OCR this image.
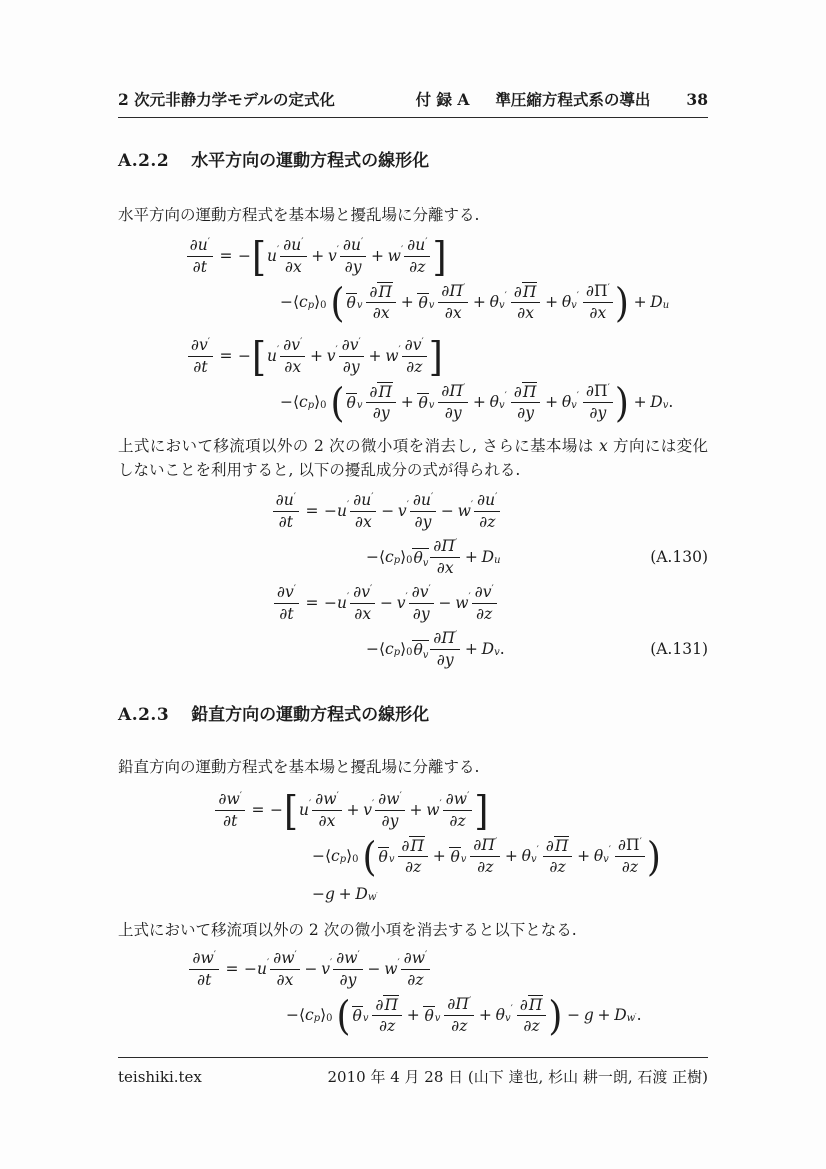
2 次元非静力学モデルの定式化	付 録 A 準圧縮方程式系の導出 38
A.2.2 水平方向の運動方程式の線形化

水平方向の運動方程式を基本場と擾乱場に分離する.

$\frac{\partial u'}{\partial t}$ = − [ u ′ $\frac{\partial u'}{\partial x} + v$ ′ $\frac{\partial u'}{\partial y} + w$ ′ $\frac{\partial u'}{\partial z}$ ]
−⟨ c p ⟩ 0 ( θ v $\frac{\partial\Pi}{\partial x} + \theta$ v $\frac{\partial\Pi'}{\partial x} + \theta$ v
′ $\frac{\partial\Pi}{\partial x} + \theta$ v
′ $\frac{\partial\Pi'}{\partial x}$ ) + D u
$\frac{\partial v'}{\partial t}$ = − [ u ′ $\frac{\partial v'}{\partial x} + v$ ′ $\frac{\partial v'}{\partial y} + w$ ′ $\frac{\partial v'}{\partial z}$ ]
−⟨ c p ⟩ 0 ( θ v $\frac{\partial\Pi}{\partial y} + \theta$ v $\frac{\partial\Pi'}{\partial y} + \theta$ v
′ $\frac{\partial\Pi}{\partial y} + \theta$ v
′ $\frac{\partial\Pi'}{\partial y}$ ) + D v .

上式において移流項以外の 2 次の微小項を消去し, さらに基本場は x 方向には変化しないことを利用すると, 以下の擾乱成分の式が得られる.

$\frac{\partial u'}{\partial t}$ = − u ′ $\frac{\partial u'}{\partial x} - v$ ′ $\frac{\partial u'}{\partial y} - w$ ′ $\frac{\partial u'}{\partial z}$
−⟨ c p ⟩ 0 $\theta_v \frac{\partial\Pi'}{\partial x} + D$ u	(A.130)
$\frac{\partial v'}{\partial t}$ = − u ′ $\frac{\partial v'}{\partial x} - v$ ′ $\frac{\partial v'}{\partial y} - w$ ′ $\frac{\partial v'}{\partial z}$
−⟨ c p ⟩ 0 $\theta_v \frac{\partial\Pi'}{\partial y} + D$ v .	(A.131)
A.2.3 鉛直方向の運動方程式の線形化

鉛直方向の運動方程式を基本場と擾乱場に分離する.

$\frac{\partial w'}{\partial t}$ = − [ u ′ $\frac{\partial w'}{\partial x} + v$ ′ $\frac{\partial w'}{\partial y} + w$ ′ $\frac{\partial w'}{\partial z}$ ]
−⟨ c p ⟩ 0 ( θ v $\frac{\partial\Pi}{\partial z} + \theta$ v $\frac{\partial\Pi'}{\partial z} + \theta$ v
′ $\frac{\partial\Pi}{\partial z} + \theta$ v
′ $\frac{\partial\Pi'}{\partial z}$ )
− g + D w′

上式において移流項以外の 2 次の微小項を消去すると以下となる.

$\frac{\partial w'}{\partial t}$ = − u ′ $\frac{\partial w'}{\partial x} - v$ ′ $\frac{\partial w'}{\partial y} - w$ ′ $\frac{\partial w'}{\partial z}$
−⟨ c p ⟩ 0 ( θ v $\frac{\partial\Pi}{\partial z} + \theta$ v $\frac{\partial\Pi'}{\partial z} + \theta$ v
′ $\frac{\partial\Pi}{\partial z}$ ) − g + D w′ .
teishiki.tex	2010 年 4 月 28 日 (山下 達也, 杉山 耕一朗, 石渡 正樹)
